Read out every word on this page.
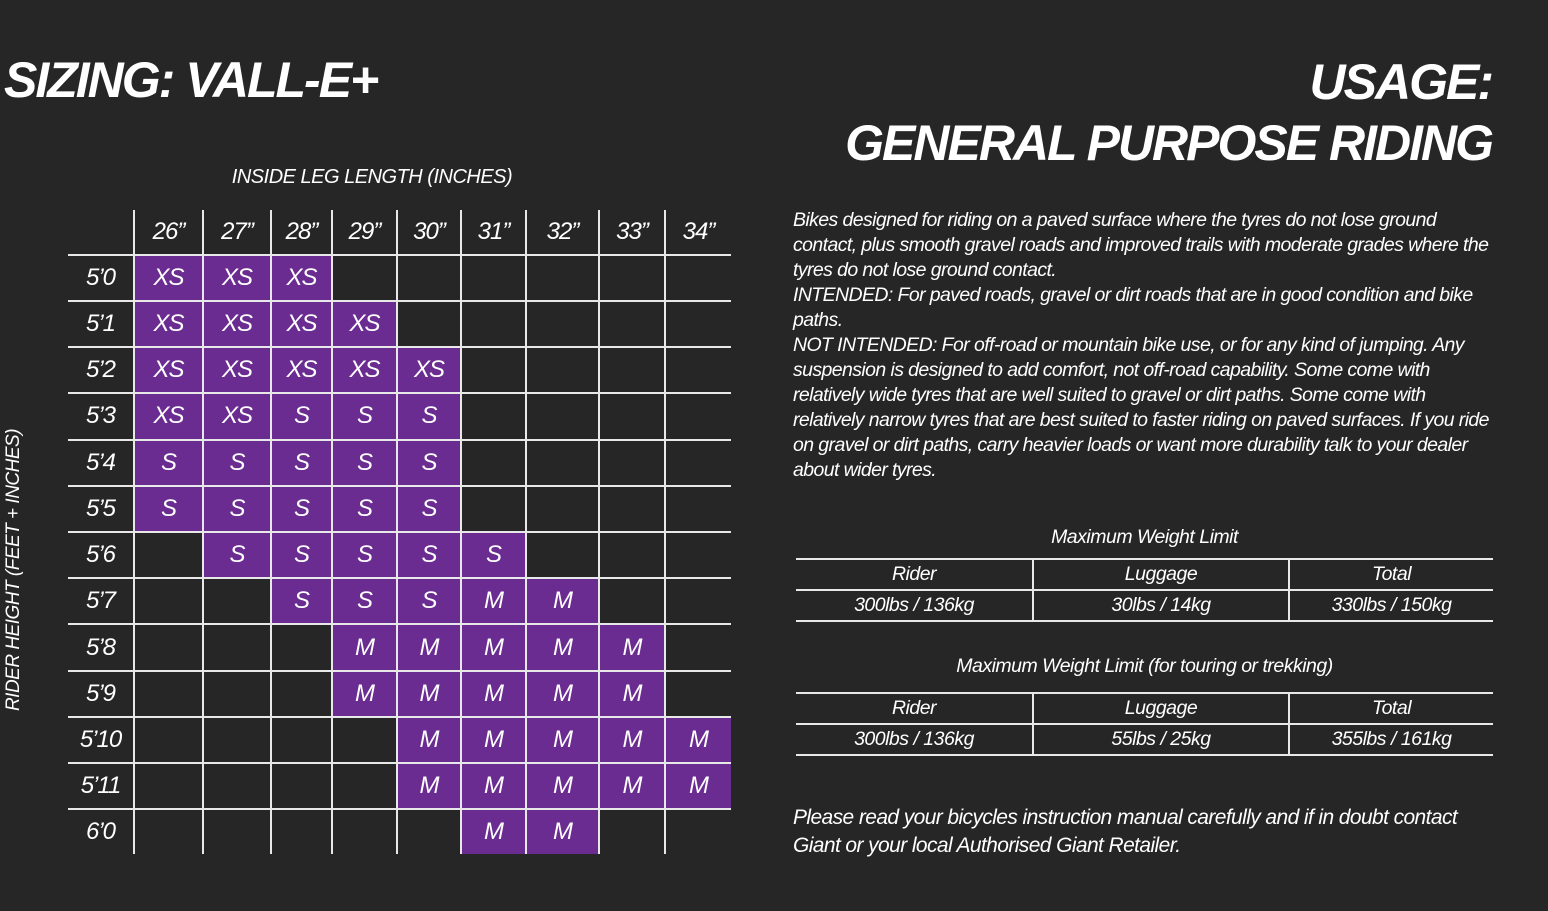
SIZING: VALL-E+	USAGE:
GENERAL PURPOSE RIDING
INSIDE LEG LENGTH (INCHES)
RIDER HEIGHT (FEET + INCHES)
	26”	27”	28”	29”	30”	31”	32”	33”	34”
5’0	XS	XS	XS						
5’1	XS	XS	XS	XS					
5’2	XS	XS	XS	XS	XS				
5’3	XS	XS	S	S	S				
5’4	S	S	S	S	S				
5’5	S	S	S	S	S				
5’6		S	S	S	S	S			
5’7			S	S	S	M	M		
5’8				M	M	M	M	M	
5’9				M	M	M	M	M	
5’10					M	M	M	M	M
5’11					M	M	M	M	M
6’0						M	M		

Bikes designed for riding on a paved surface where the tyres do not lose ground contact, plus smooth gravel roads and improved trails with moderate grades where the tyres do not lose ground contact.

INTENDED: For paved roads, gravel or dirt roads that are in good condition and bike paths.

NOT INTENDED: For off-road or mountain bike use, or for any kind of jumping. Any suspension is designed to add comfort, not off-road capability. Some come with relatively wide tyres that are well suited to gravel or dirt paths. Some come with relatively narrow tyres that are best suited to faster riding on paved surfaces. If you ride on gravel or dirt paths, carry heavier loads or want more durability talk to your dealer about wider tyres.

Maximum Weight Limit
Rider	Luggage	Total
300lbs / 136kg	30lbs / 14kg	330lbs / 150kg
Maximum Weight Limit (for touring or trekking)
Rider	Luggage	Total
300lbs / 136kg	55lbs / 25kg	355lbs / 161kg
Please read your bicycles instruction manual carefully and if in doubt contact
Giant or your local Authorised Giant Retailer.
